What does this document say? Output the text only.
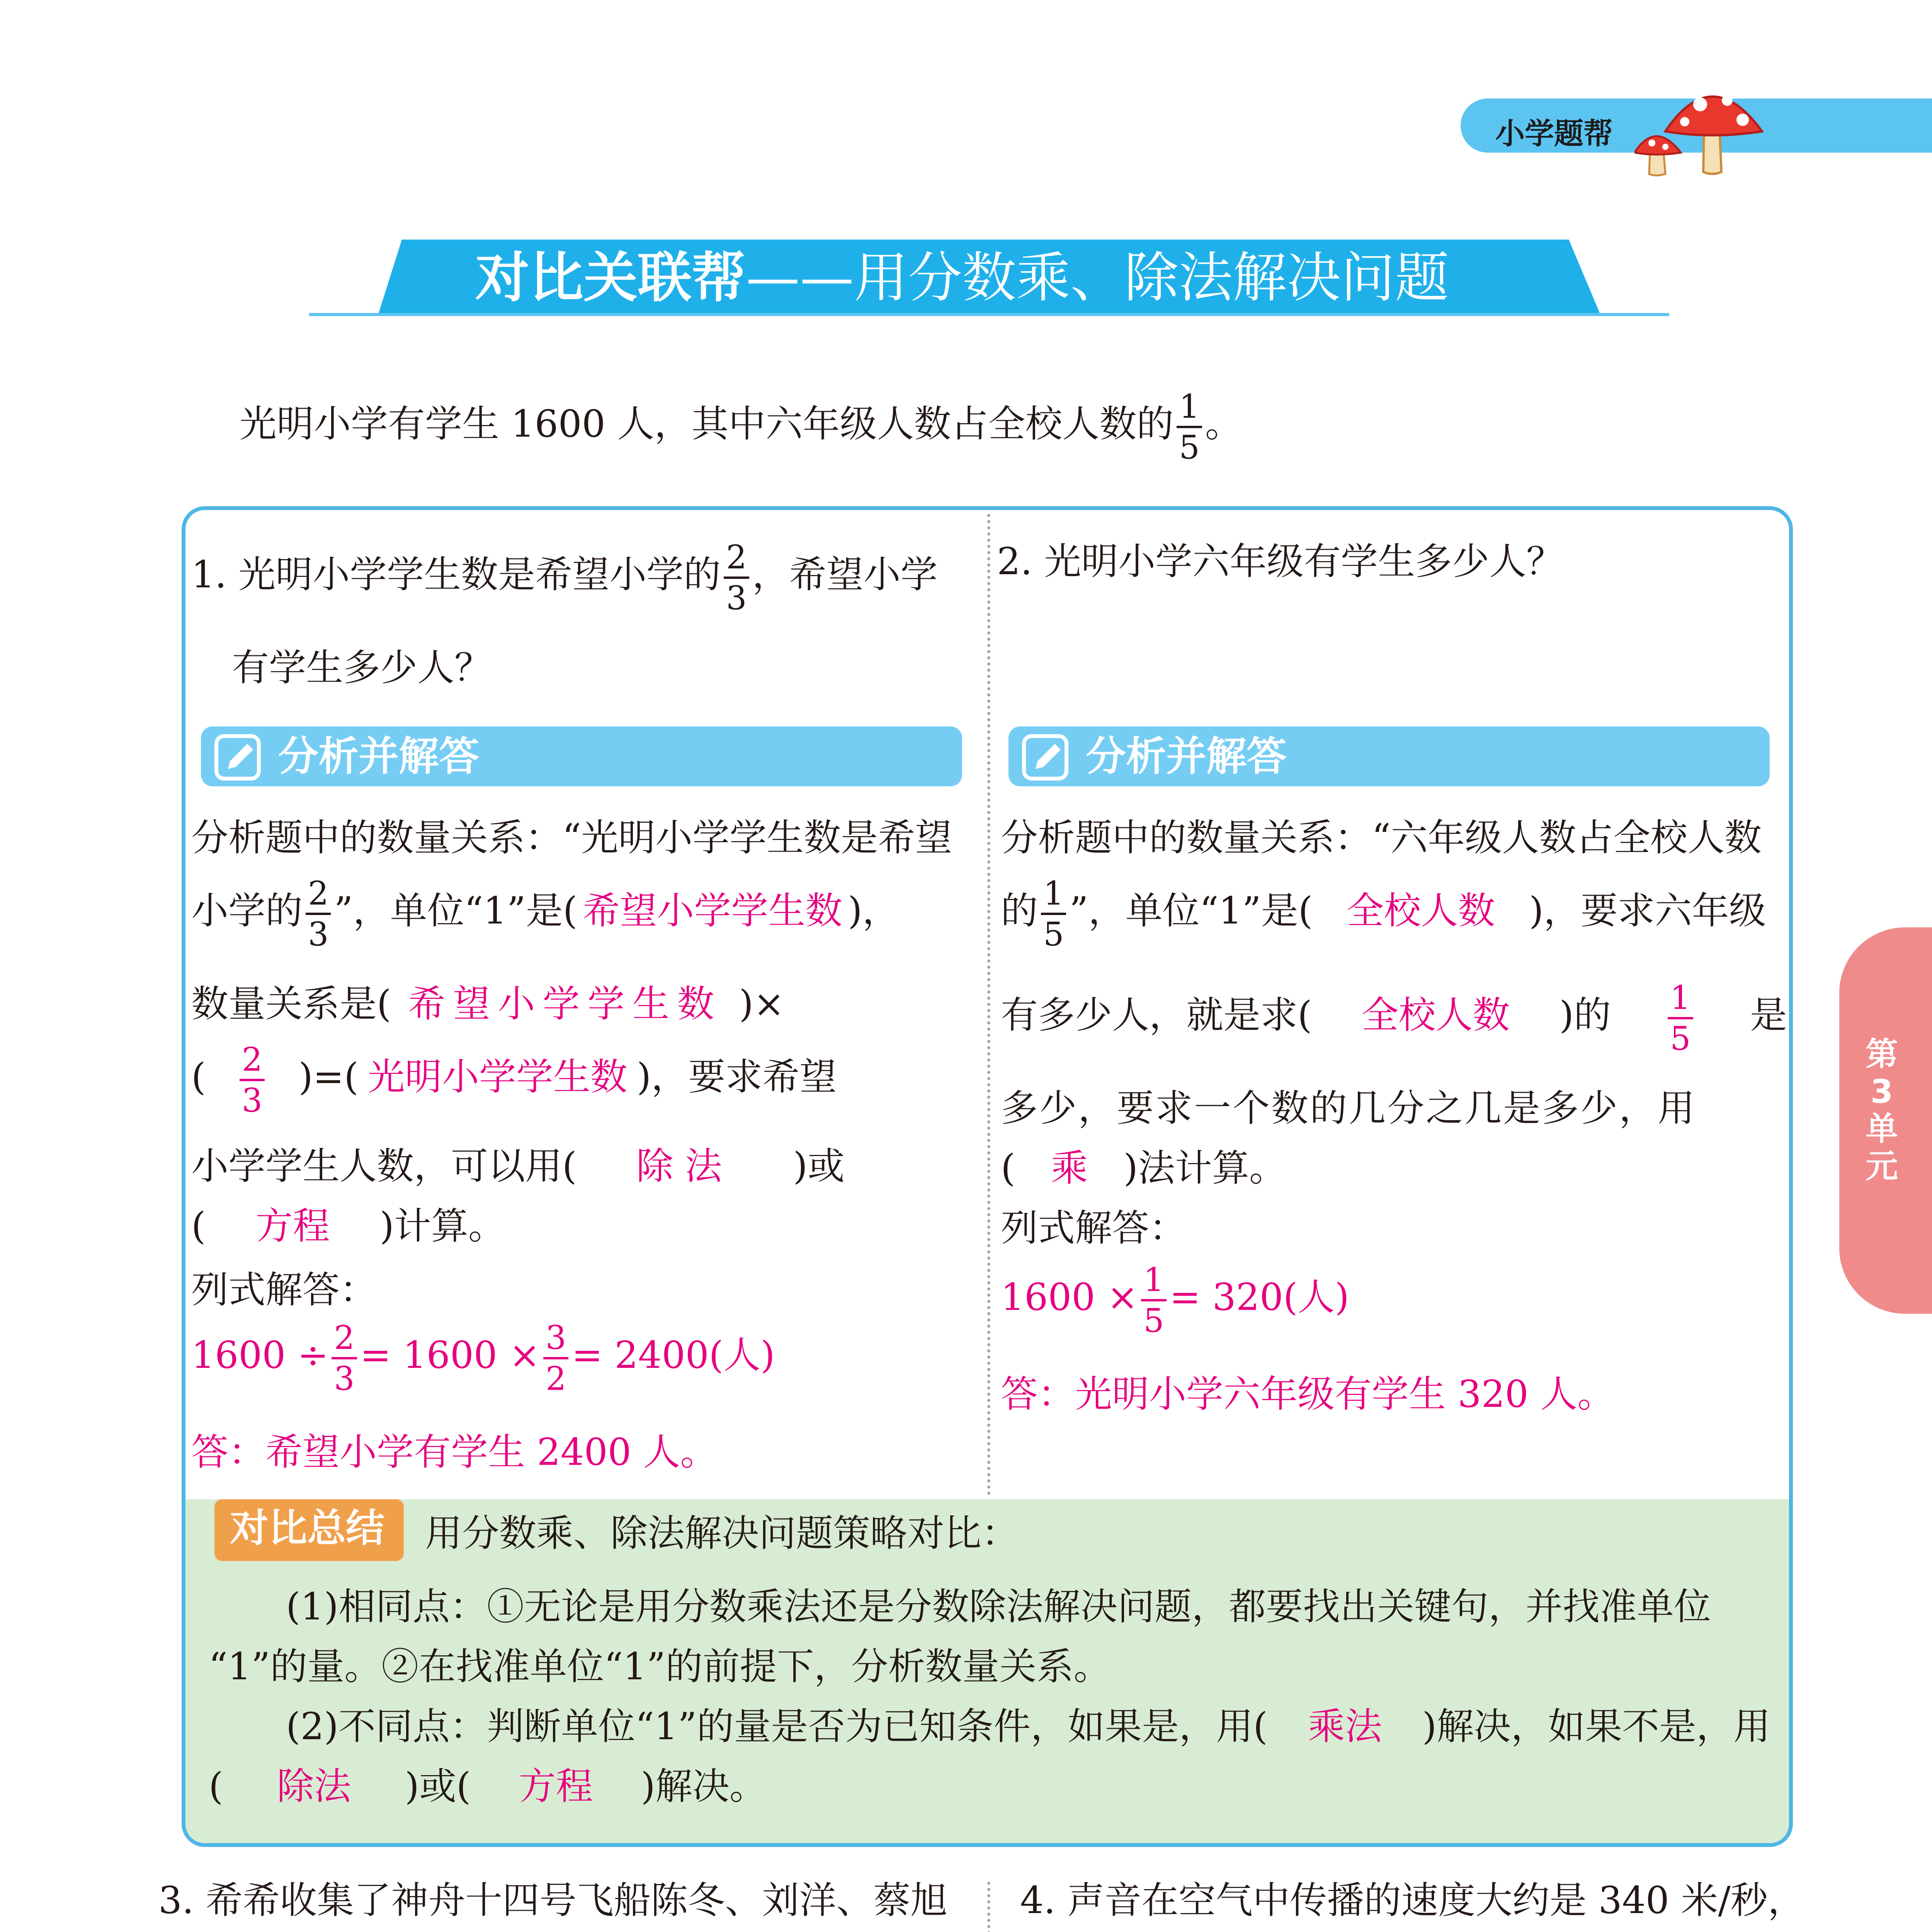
小学题帮
对比关联帮——用分数乘、除法解决问题
光明小学有学生 1600 人，其中六年级人数占全校人数的 1
5
。
1. 光明小学学生数是希望小学的 2
3
，希望小学
有学生多少人？
分析并解答
分析题中的数量关系：“光明小学学生数是希望
小学的 2
3
”，单位“1”是( 希望小学学生数 )，
数量关系是( 希望小学学生数 )×
( 2
3
)=( 光明小学学生数 )，要求希望
小学学生人数，可以用( 除法 )或
( 方程 )计算。
列式解答：
1600 ÷ 2
3
= 1600 × 3
2
= 2400(人)
答：希望小学有学生 2400 人。
2. 光明小学六年级有学生多少人？
分析并解答
分析题中的数量关系：“六年级人数占全校人数
的 1
5
”，单位“1”是( 全校人数 )，要求六年级
有多少人，就是求( 全校人数 )的 1
5
是
多少，要求一个数的几分之几是多少，用
( 乘 )法计算。
列式解答：
1600 × 1
5
= 320(人)
答：光明小学六年级有学生 320 人。
对比总结 用分数乘、除法解决问题策略对比：
(1)相同点：①无论是用分数乘法还是分数除法解决问题，都要找出关键句，并找准单位
“1”的量。②在找准单位“1”的前提下，分析数量关系。
(2)不同点：判断单位“1”的量是否为已知条件，如果是，用( 乘法 )解决，如果不是，用
( 除法 )或( 方程 )解决。
3. 希希收集了神舟十四号飞船陈冬、刘洋、蔡旭 4. 声音在空气中传播的速度大约是 340 米/秒，
第
3
单
元
